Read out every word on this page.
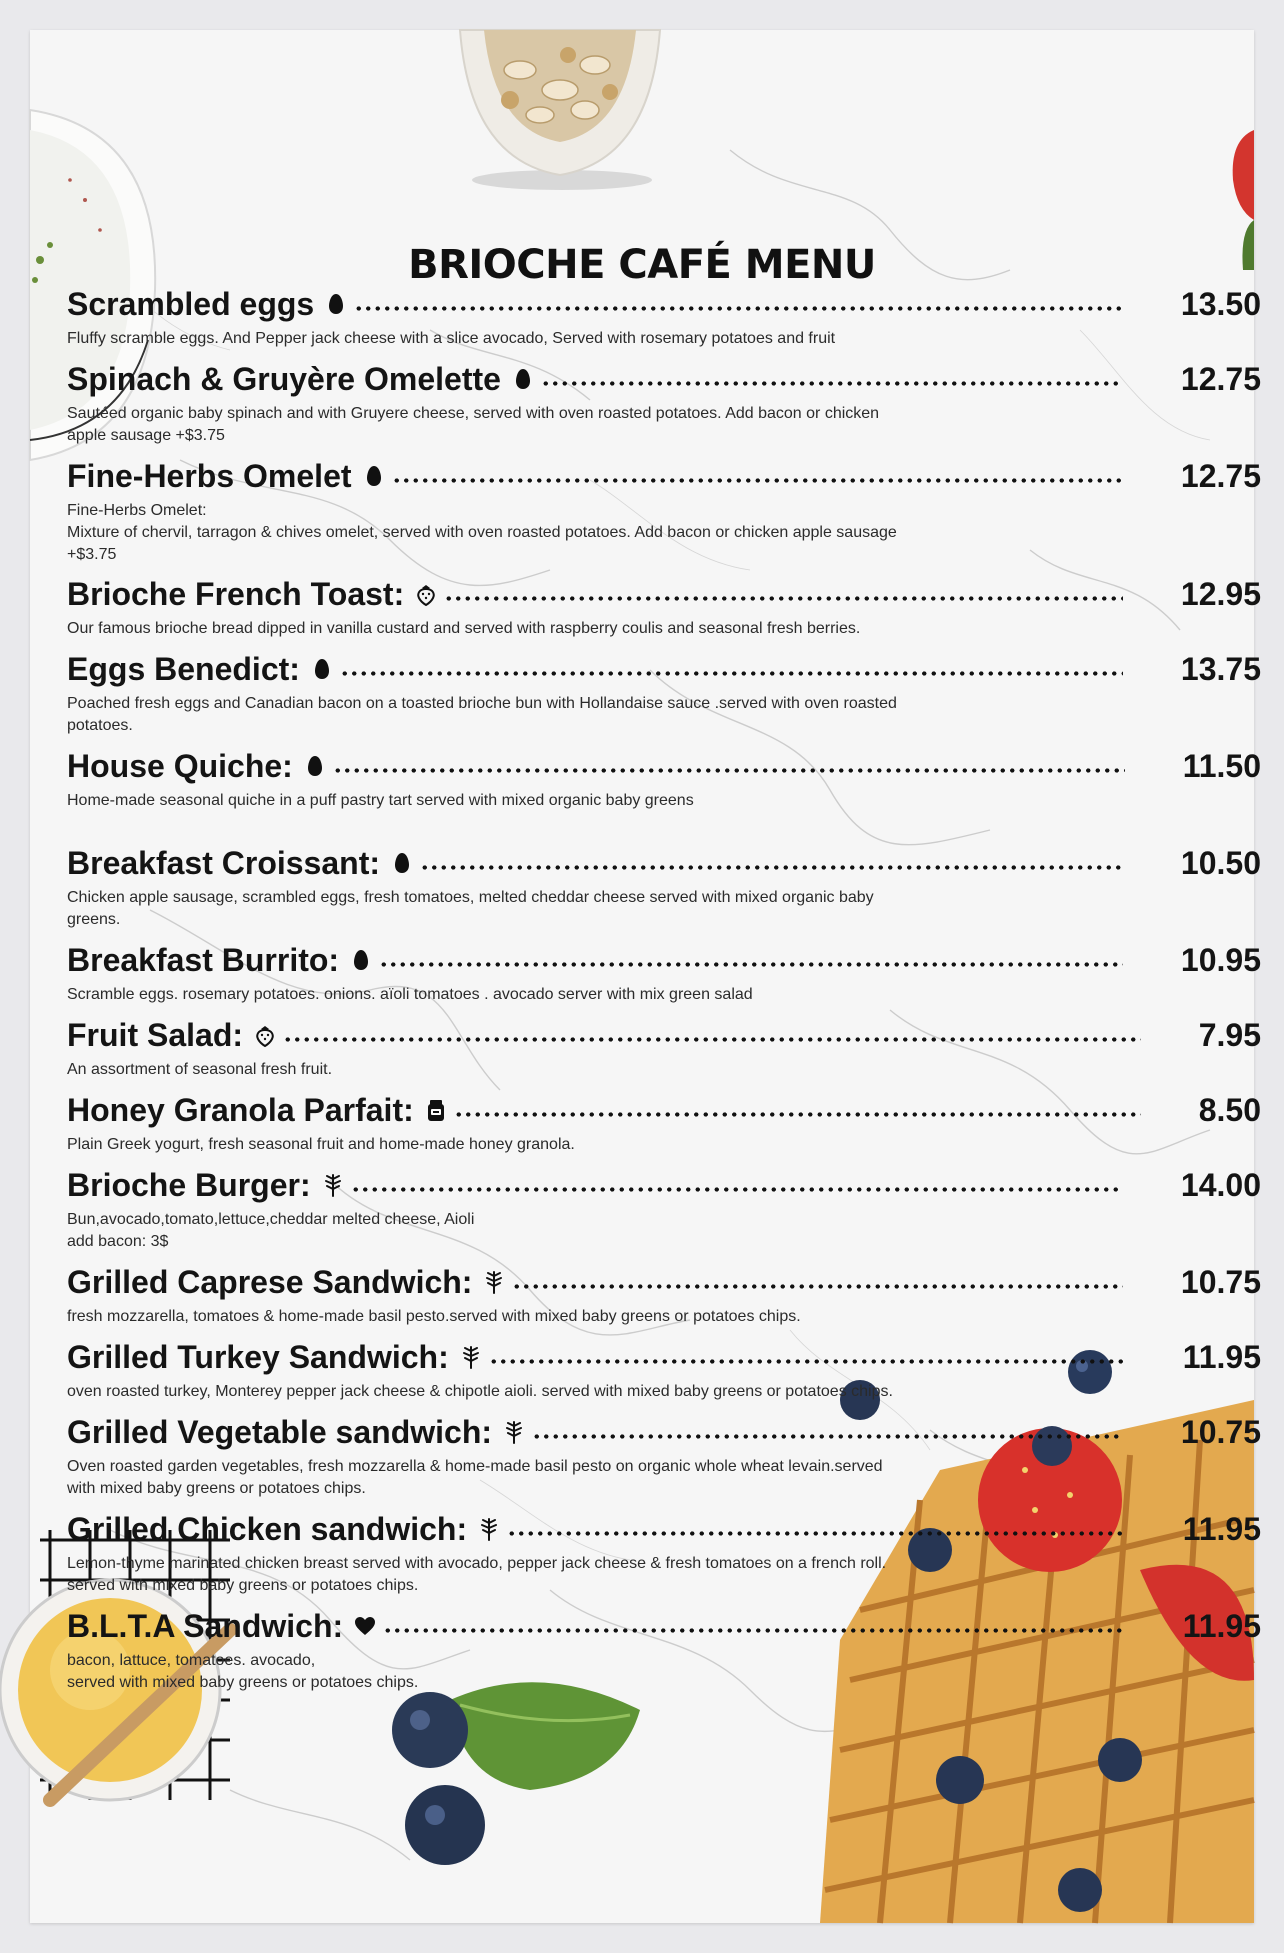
BRIOCHE CAFÉ MENU
Scrambled eggs	13.50

Fluffy scramble eggs. And Pepper jack cheese with a slice avocado, Served with rosemary potatoes and fruit

Spinach & Gruyère Omelette	12.75

Sautéed organic baby spinach and with Gruyere cheese, served with oven roasted potatoes. Add bacon or chicken
apple sausage +$3.75

Fine-Herbs Omelet	12.75

Fine-Herbs Omelet:
Mixture of chervil, tarragon & chives omelet, served with oven roasted potatoes. Add bacon or chicken apple sausage
+$3.75

Brioche French Toast:	12.95

Our famous brioche bread dipped in vanilla custard and served with raspberry coulis and seasonal fresh berries.

Eggs Benedict:	13.75

Poached fresh eggs and Canadian bacon on a toasted brioche bun with Hollandaise sauce .served with oven roasted
potatoes.

House Quiche:	11.50

Home-made seasonal quiche in a puff pastry tart served with mixed organic baby greens

Breakfast Croissant:	10.50

Chicken apple sausage, scrambled eggs, fresh tomatoes, melted cheddar cheese served with mixed organic baby
greens.

Breakfast Burrito:	10.95

Scramble eggs. rosemary potatoes. onions. aïoli tomatoes . avocado server with mix green salad

Fruit Salad:	7.95

An assortment of seasonal fresh fruit.

Honey Granola Parfait:	8.50

Plain Greek yogurt, fresh seasonal fruit and home-made honey granola.

Brioche Burger:	14.00

Bun,avocado,tomato,lettuce,cheddar melted cheese, Aioli
add bacon: 3$

Grilled Caprese Sandwich:	10.75

fresh mozzarella, tomatoes & home-made basil pesto.served with mixed baby greens or potatoes chips.

Grilled Turkey Sandwich:	11.95

oven roasted turkey, Monterey pepper jack cheese & chipotle aioli. served with mixed baby greens or potatoes chips.

Grilled Vegetable sandwich:	10.75

Oven roasted garden vegetables, fresh mozzarella & home-made basil pesto on organic whole wheat levain.served
with mixed baby greens or potatoes chips.

Grilled Chicken sandwich:	11.95

Lemon-thyme marinated chicken breast served with avocado, pepper jack cheese & fresh tomatoes on a french roll.
served with mixed baby greens or potatoes chips.

B.L.T.A Sandwich:	11.95

bacon, lattuce, tomatoes. avocado,
served with mixed baby greens or potatoes chips.
